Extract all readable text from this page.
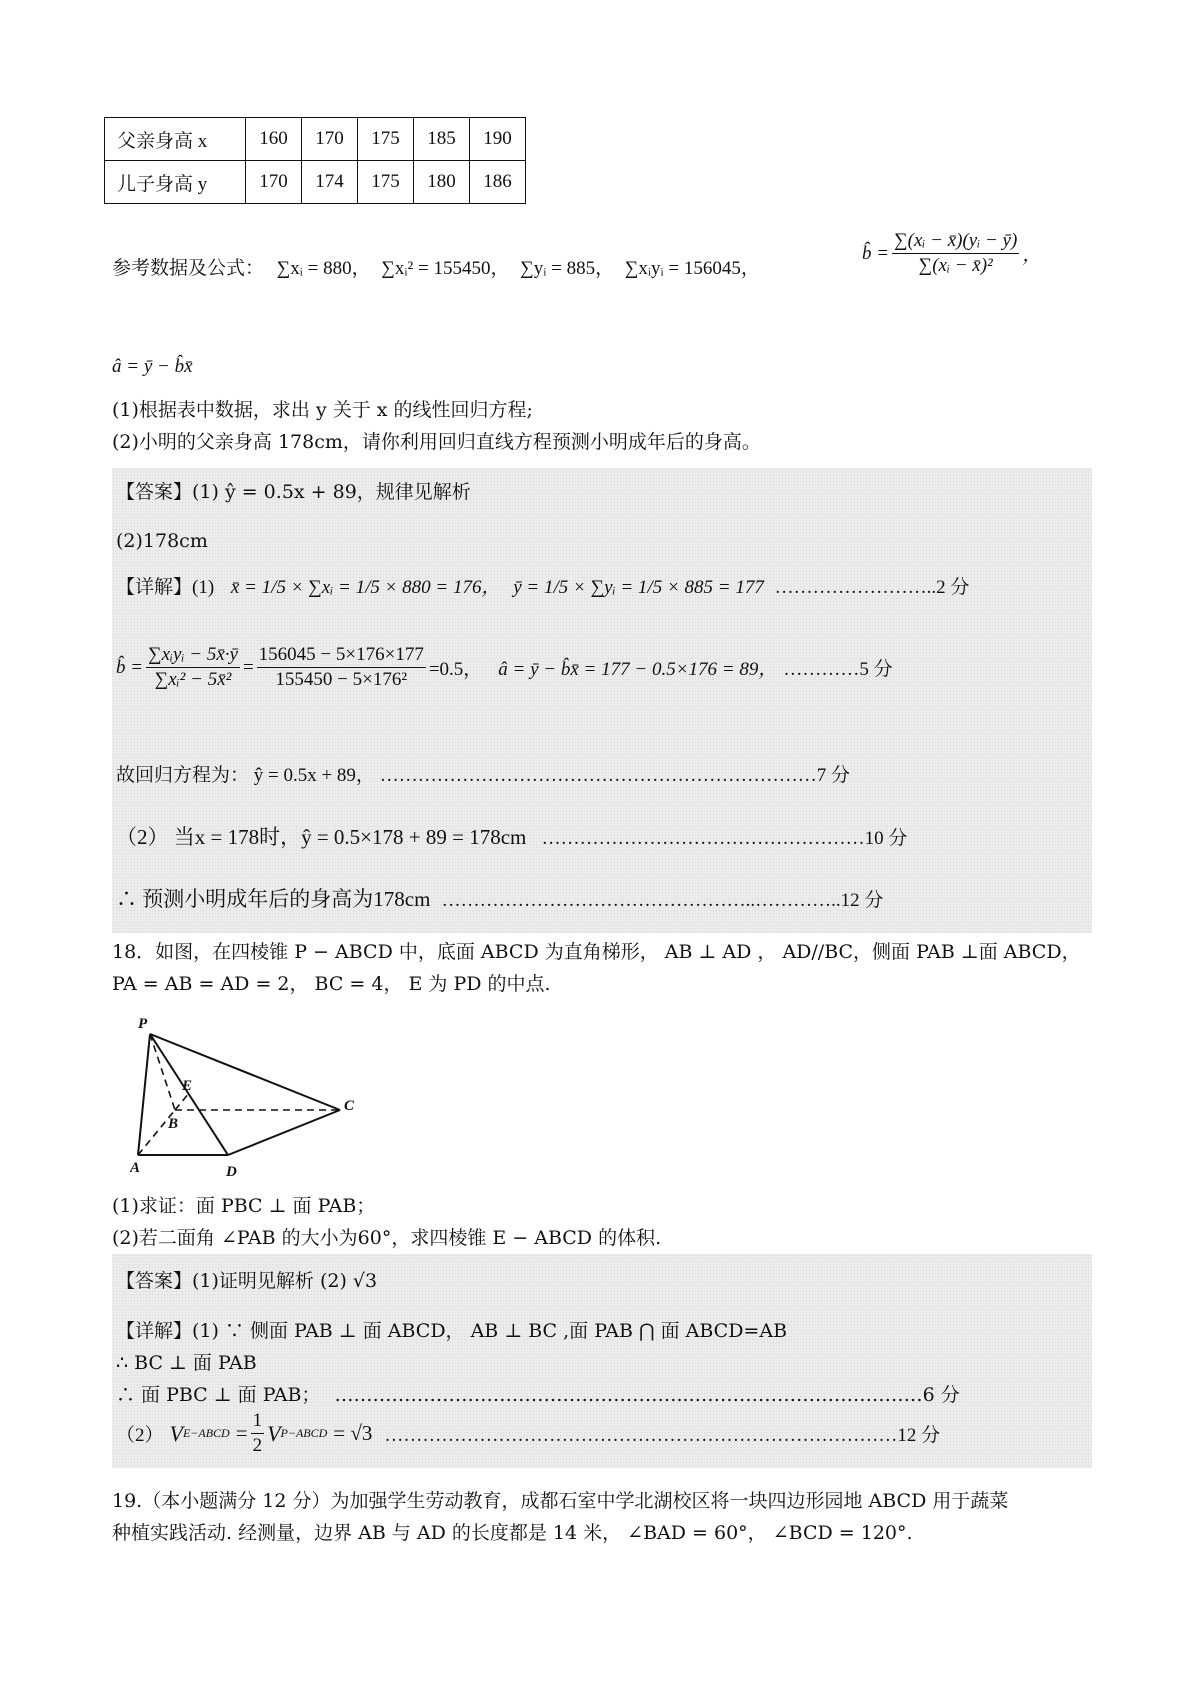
父亲身高 x	160	170	175	185	190
儿子身高 y	170	174	175	180	186
参考数据及公式： ∑xᵢ = 880， ∑xᵢ² = 155450， ∑yᵢ = 885， ∑xᵢyᵢ = 156045，
b̂ = $\frac{\text{∑(xᵢ − x̄)(yᵢ − ȳ)}}{\text{∑(xᵢ − x̄)²}}$ ，
â = ȳ − b̂x̄
(1)根据表中数据，求出 y 关于 x 的线性回归方程;
(2)小明的父亲身高 178cm，请你利用回归直线方程预测小明成年后的身高。
【答案】(1) ŷ = 0.5x + 89，规律见解析
(2)178cm
【详解】(1) x̄ = 1/5 × ∑xᵢ = 1/5 × 880 = 176， ȳ = 1/5 × ∑yᵢ = 1/5 × 885 = 177 ……………………..2 分
b̂ = $\frac{\text{∑xᵢyᵢ − 5x̄·ȳ}}{\text{∑xᵢ² − 5x̄²}} = \frac{156045 - 5\times 176\times 177}{\text{155450 − 5×176²}} =0.5$， â = ȳ − b̂x̄ = 177 − 0.5×176 = 89， …………5 分
故回归方程为： ŷ = 0.5x + 89， ……………………………………………………………7 分
（2） 当x = 178时，ŷ = 0.5×178 + 89 = 178cm ……………………………………………10 分
∴ 预测小明成年后的身高为178cm …………………………………………..…………..12 分
18．如图，在四棱锥 P − ABCD 中，底面 ABCD 为直角梯形， AB ⊥ AD ， AD//BC，侧面 PAB ⊥面 ABCD，
PA = AB = AD = 2， BC = 4， E 为 PD 的中点.
P
E
B
C
A	D
(1)求证：面 PBC ⊥ 面 PAB；
(2)若二面角 ∠PAB 的大小为60°，求四棱锥 E − ABCD 的体积.
【答案】(1)证明见解析 (2) √3
【详解】(1) ∵ 侧面 PAB ⊥ 面 ABCD， AB ⊥ BC ,面 PAB ⋂ 面 ABCD=AB
∴ BC ⊥ 面 PAB
∴ 面 PBC ⊥ 面 PAB； ………………………………………………...………………………………6 分
（2） V E−ABCD = $\frac{1}{2}$ V P−ABCD = √3 ………………………………………………………………………12 分
19.（本小题满分 12 分）为加强学生劳动教育，成都石室中学北湖校区将一块四边形园地 ABCD 用于蔬菜
种植实践活动. 经测量，边界 AB 与 AD 的长度都是 14 米， ∠BAD = 60°， ∠BCD = 120°.
